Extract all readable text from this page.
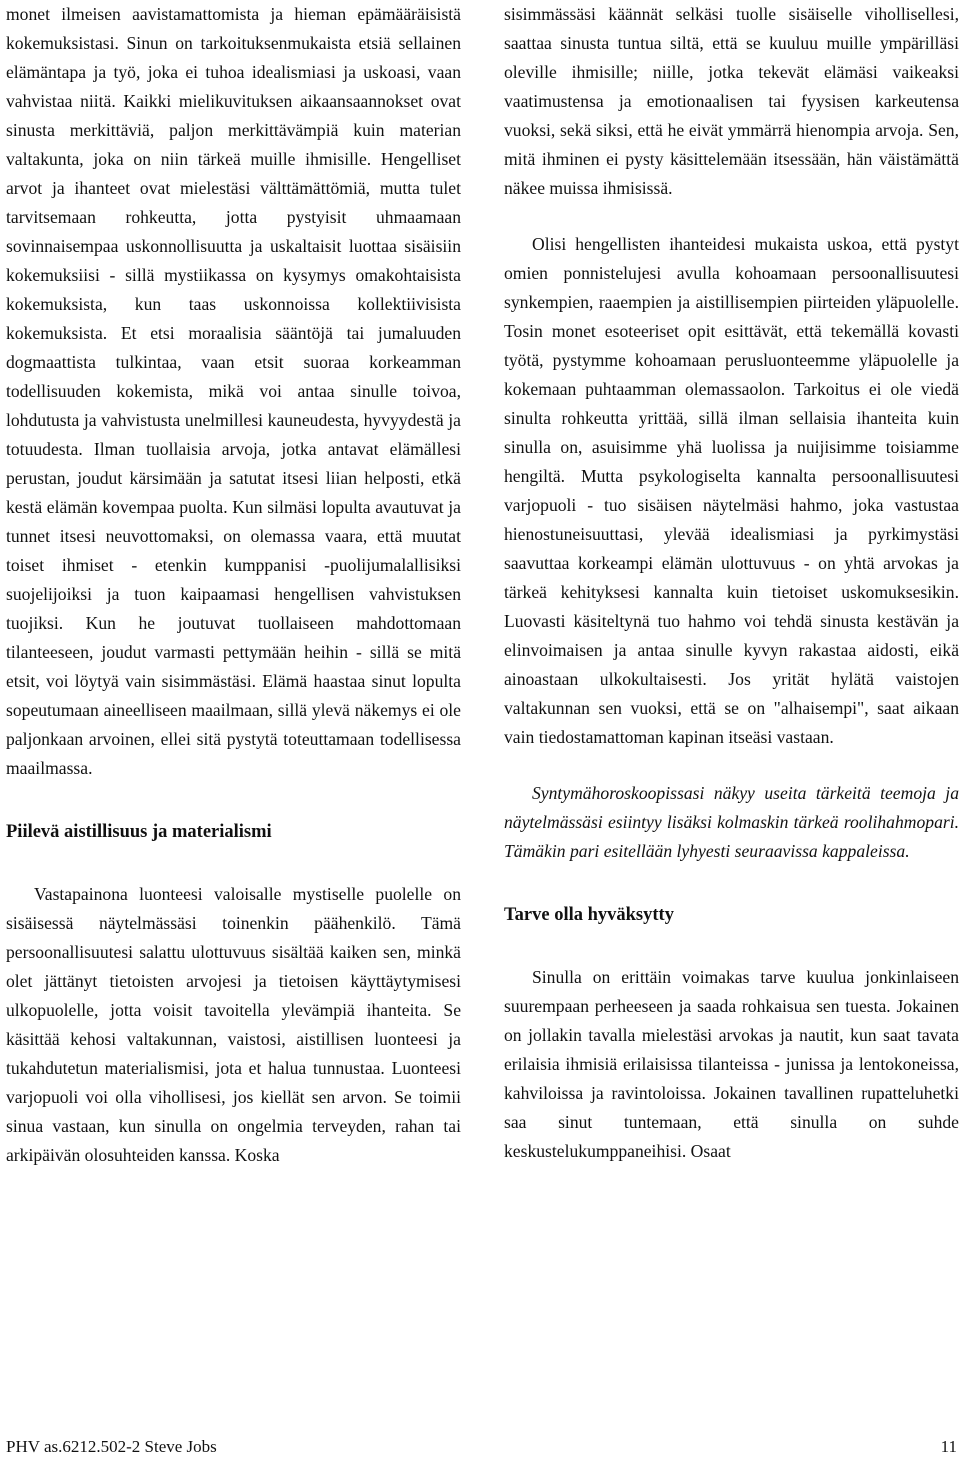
monet ilmeisen aavistamattomista ja hieman epämääräisistä kokemuksistasi. Sinun on tarkoituksenmukaista etsiä sellainen elämäntapa ja työ, joka ei tuhoa idealismiasi ja uskoasi, vaan vahvistaa niitä. Kaikki mielikuvituksen aikaansaannokset ovat sinusta merkittäviä, paljon merkittävämpiä kuin materian valtakunta, joka on niin tärkeä muille ihmisille. Hengelliset arvot ja ihanteet ovat mielestäsi välttämättömiä, mutta tulet tarvitsemaan rohkeutta, jotta pystyisit uhmaamaan sovinnaisempaa uskonnollisuutta ja uskaltaisit luottaa sisäisiin kokemuksiisi - sillä mystiikassa on kysymys omakohtaisista kokemuksista, kun taas uskonnoissa kollektiivisista kokemuksista. Et etsi moraalisia sääntöjä tai jumaluuden dogmaattista tulkintaa, vaan etsit suoraa korkeamman todellisuuden kokemista, mikä voi antaa sinulle toivoa, lohdutusta ja vahvistusta unelmillesi kauneudesta, hyvyydestä ja totuudesta. Ilman tuollaisia arvoja, jotka antavat elämällesi perustan, joudut kärsimään ja satutat itsesi liian helposti, etkä kestä elämän kovempaa puolta. Kun silmäsi lopulta avautuvat ja tunnet itsesi neuvottomaksi, on olemassa vaara, että muutat toiset ihmiset - etenkin kumppanisi -puolijumalallisiksi suojelijoiksi ja tuon kaipaamasi hengellisen vahvistuksen tuojiksi. Kun he joutuvat tuollaiseen mahdottomaan tilanteeseen, joudut varmasti pettymään heihin - sillä se mitä etsit, voi löytyä vain sisimmästäsi. Elämä haastaa sinut lopulta sopeutumaan aineelliseen maailmaan, sillä ylevä näkemys ei ole paljonkaan arvoinen, ellei sitä pystytä toteuttamaan todellisessa maailmassa.

Piilevä aistillisuus ja materialismi

Vastapainona luonteesi valoisalle mystiselle puolelle on sisäisessä näytelmässäsi toinenkin päähenkilö. Tämä persoonallisuutesi salattu ulottuvuus sisältää kaiken sen, minkä olet jättänyt tietoisten arvojesi ja tietoisen käyttäytymisesi ulkopuolelle, jotta voisit tavoitella ylevämpiä ihanteita. Se käsittää kehosi valtakunnan, vaistosi, aistillisen luonteesi ja tukahdutetun materialismisi, jota et halua tunnustaa. Luonteesi varjopuoli voi olla vihollisesi, jos kiellät sen arvon. Se toimii sinua vastaan, kun sinulla on ongelmia terveyden, rahan tai arkipäivän olosuhteiden kanssa. Koska

sisimmässäsi käännät selkäsi tuolle sisäiselle vihollisellesi, saattaa sinusta tuntua siltä, että se kuuluu muille ympärilläsi oleville ihmisille; niille, jotka tekevät elämäsi vaikeaksi vaatimustensa ja emotionaalisen tai fyysisen karkeutensa vuoksi, sekä siksi, että he eivät ymmärrä hienompia arvoja. Sen, mitä ihminen ei pysty käsittelemään itsessään, hän väistämättä näkee muissa ihmisissä.

Olisi hengellisten ihanteidesi mukaista uskoa, että pystyt omien ponnistelujesi avulla kohoamaan persoonallisuutesi synkempien, raaempien ja aistillisempien piirteiden yläpuolelle. Tosin monet esoteeriset opit esittävät, että tekemällä kovasti työtä, pystymme kohoamaan perusluonteemme yläpuolelle ja kokemaan puhtaamman olemassaolon. Tarkoitus ei ole viedä sinulta rohkeutta yrittää, sillä ilman sellaisia ihanteita kuin sinulla on, asuisimme yhä luolissa ja nuijisimme toisiamme hengiltä. Mutta psykologiselta kannalta persoonallisuutesi varjopuoli - tuo sisäisen näytelmäsi hahmo, joka vastustaa hienostuneisuuttasi, ylevää idealismiasi ja pyrkimystäsi saavuttaa korkeampi elämän ulottuvuus - on yhtä arvokas ja tärkeä kehityksesi kannalta kuin tietoiset uskomuksesikin. Luovasti käsiteltynä tuo hahmo voi tehdä sinusta kestävän ja elinvoimaisen ja antaa sinulle kyvyn rakastaa aidosti, eikä ainoastaan ulkokultaisesti. Jos yrität hylätä vaistojen valtakunnan sen vuoksi, että se on "alhaisempi", saat aikaan vain tiedostamattoman kapinan itseäsi vastaan.

Syntymähoroskoopissasi näkyy useita tärkeitä teemoja ja näytelmässäsi esiintyy lisäksi kolmaskin tärkeä roolihahmopari. Tämäkin pari esitellään lyhyesti seuraavissa kappaleissa.

Tarve olla hyväksytty

Sinulla on erittäin voimakas tarve kuulua jonkinlaiseen suurempaan perheeseen ja saada rohkaisua sen tuesta. Jokainen on jollakin tavalla mielestäsi arvokas ja nautit, kun saat tavata erilaisia ihmisiä erilaisissa tilanteissa - junissa ja lentokoneissa, kahviloissa ja ravintoloissa. Jokainen tavallinen rupatteluhetki saa sinut tuntemaan, että sinulla on suhde keskustelukumppaneihisi. Osaat

PHV as.6212.502-2 Steve Jobs	11
